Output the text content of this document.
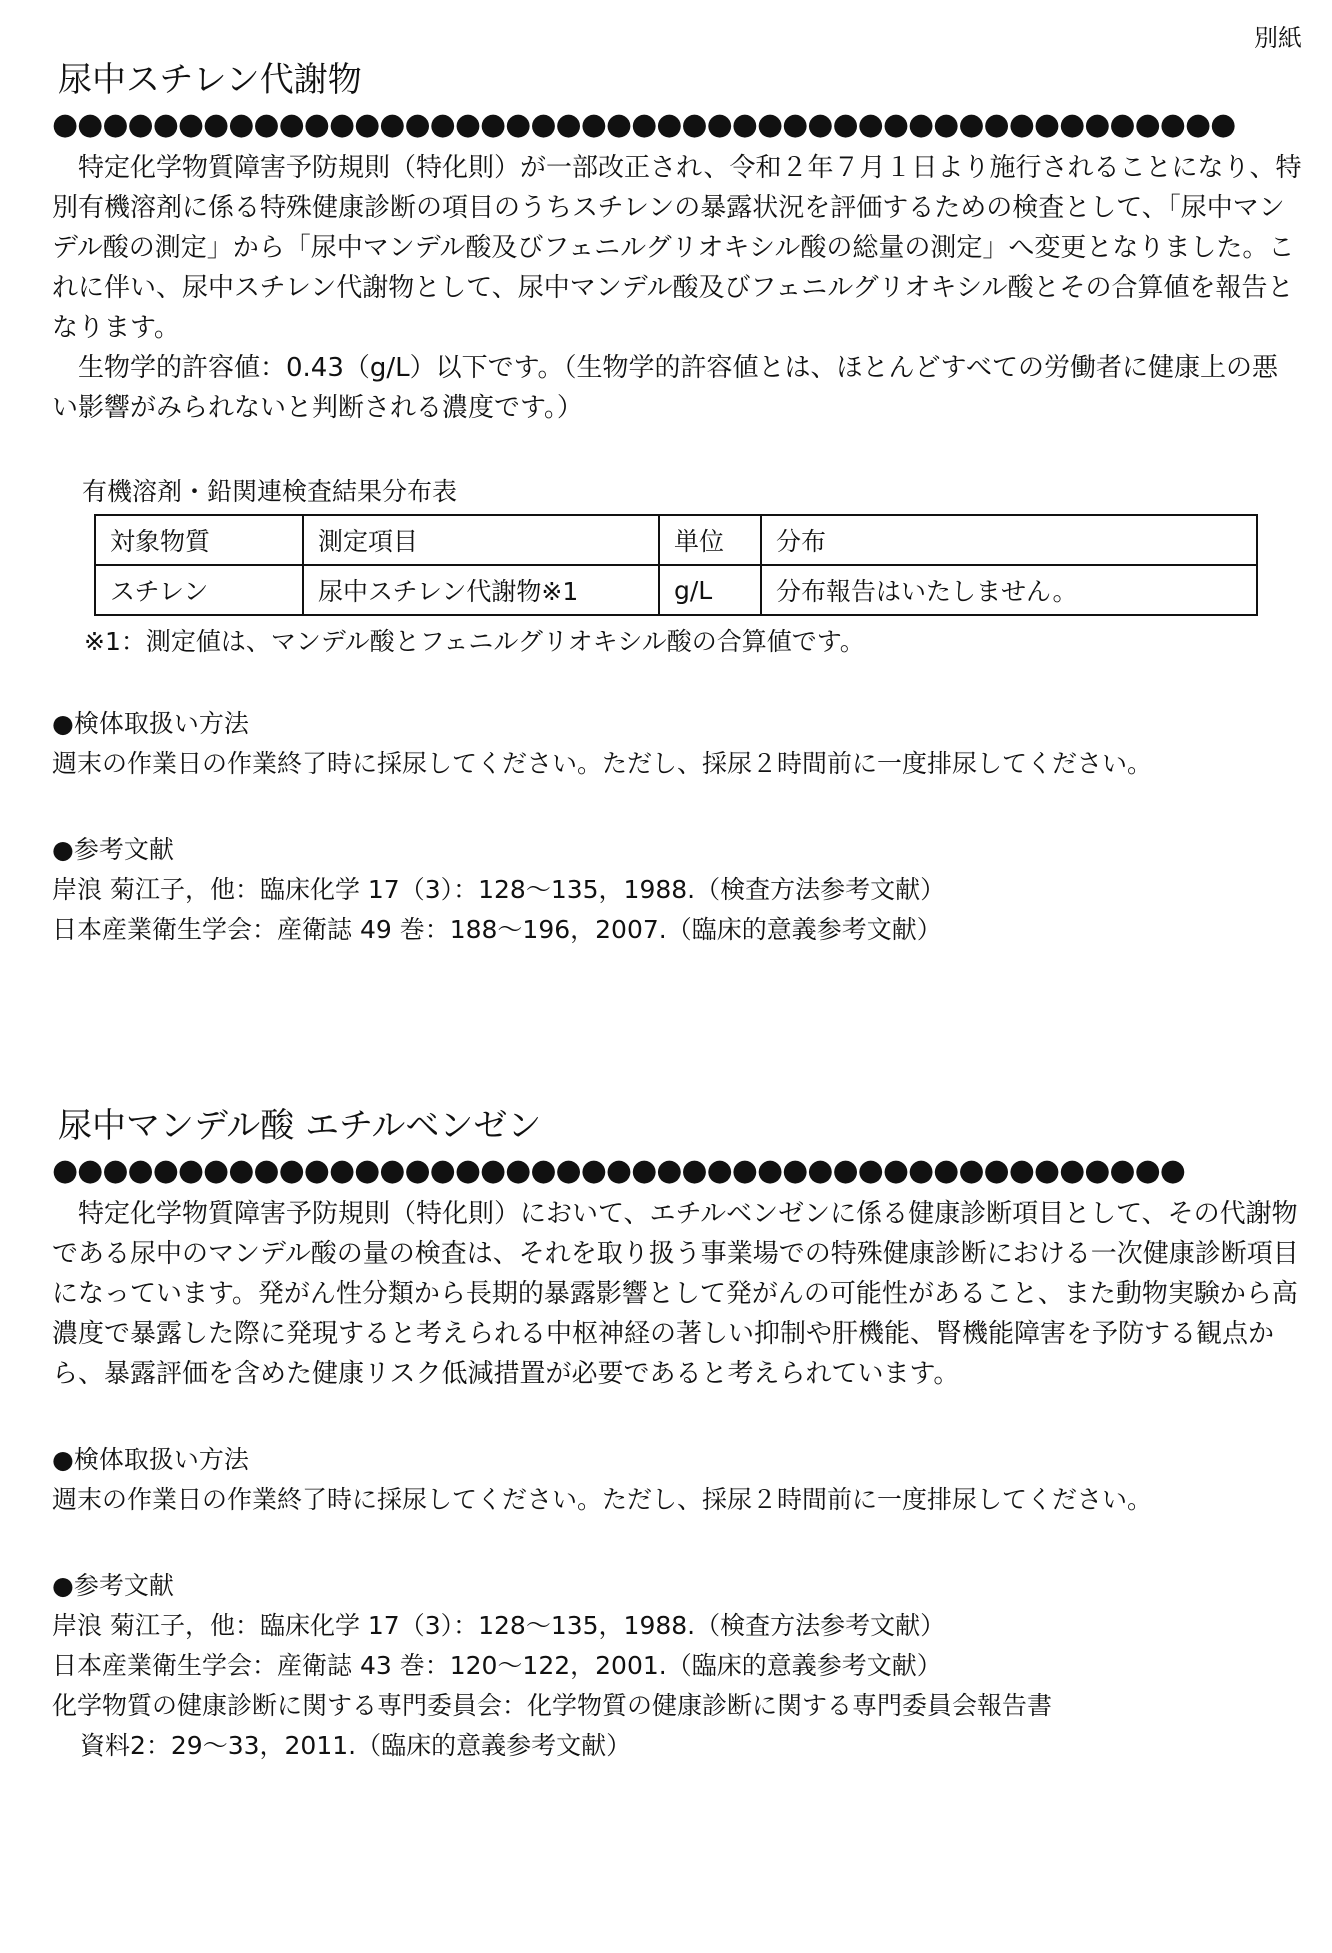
別紙
尿中スチレン代謝物
●●●●●●●●●●●●●●●●●●●●●●●●●●●●●●●●●●●●●●●●●●●●●●●

特定化学物質障害予防規則（特化則）が一部改正され、令和２年７月１日より施行されることになり、特別有機溶剤に係る特殊健康診断の項目のうちスチレンの暴露状況を評価するための検査として、「尿中マンデル酸の測定」から「尿中マンデル酸及びフェニルグリオキシル酸の総量の測定」へ変更となりました。これに伴い、尿中スチレン代謝物として、尿中マンデル酸及びフェニルグリオキシル酸とその合算値を報告となります。

生物学的許容値：0.43（g/L）以下です。（生物学的許容値とは、ほとんどすべての労働者に健康上の悪い影響がみられないと判断される濃度です。）

有機溶剤・鉛関連検査結果分布表
対象物質	測定項目	単位	分布
スチレン	尿中スチレン代謝物※1	g/L	分布報告はいたしません。
※1：測定値は、マンデル酸とフェニルグリオキシル酸の合算値です。
●検体取扱い方法
週末の作業日の作業終了時に採尿してください。ただし、採尿２時間前に一度排尿してください。
●参考文献
岸浪 菊江子，他：臨床化学 17（3）：128〜135，1988.（検査方法参考文献）
日本産業衛生学会：産衛誌 49 巻：188〜196，2007.（臨床的意義参考文献）
尿中マンデル酸 エチルベンゼン
●●●●●●●●●●●●●●●●●●●●●●●●●●●●●●●●●●●●●●●●●●●●●

特定化学物質障害予防規則（特化則）において、エチルベンゼンに係る健康診断項目として、その代謝物である尿中のマンデル酸の量の検査は、それを取り扱う事業場での特殊健康診断における一次健康診断項目になっています。発がん性分類から長期的暴露影響として発がんの可能性があること、また動物実験から高濃度で暴露した際に発現すると考えられる中枢神経の著しい抑制や肝機能、腎機能障害を予防する観点から、暴露評価を含めた健康リスク低減措置が必要であると考えられています。

●検体取扱い方法
週末の作業日の作業終了時に採尿してください。ただし、採尿２時間前に一度排尿してください。
●参考文献
岸浪 菊江子，他：臨床化学 17（3）：128〜135，1988.（検査方法参考文献）
日本産業衛生学会：産衛誌 43 巻：120〜122，2001.（臨床的意義参考文献）
化学物質の健康診断に関する専門委員会：化学物質の健康診断に関する専門委員会報告書
資料2：29〜33，2011.（臨床的意義参考文献）
